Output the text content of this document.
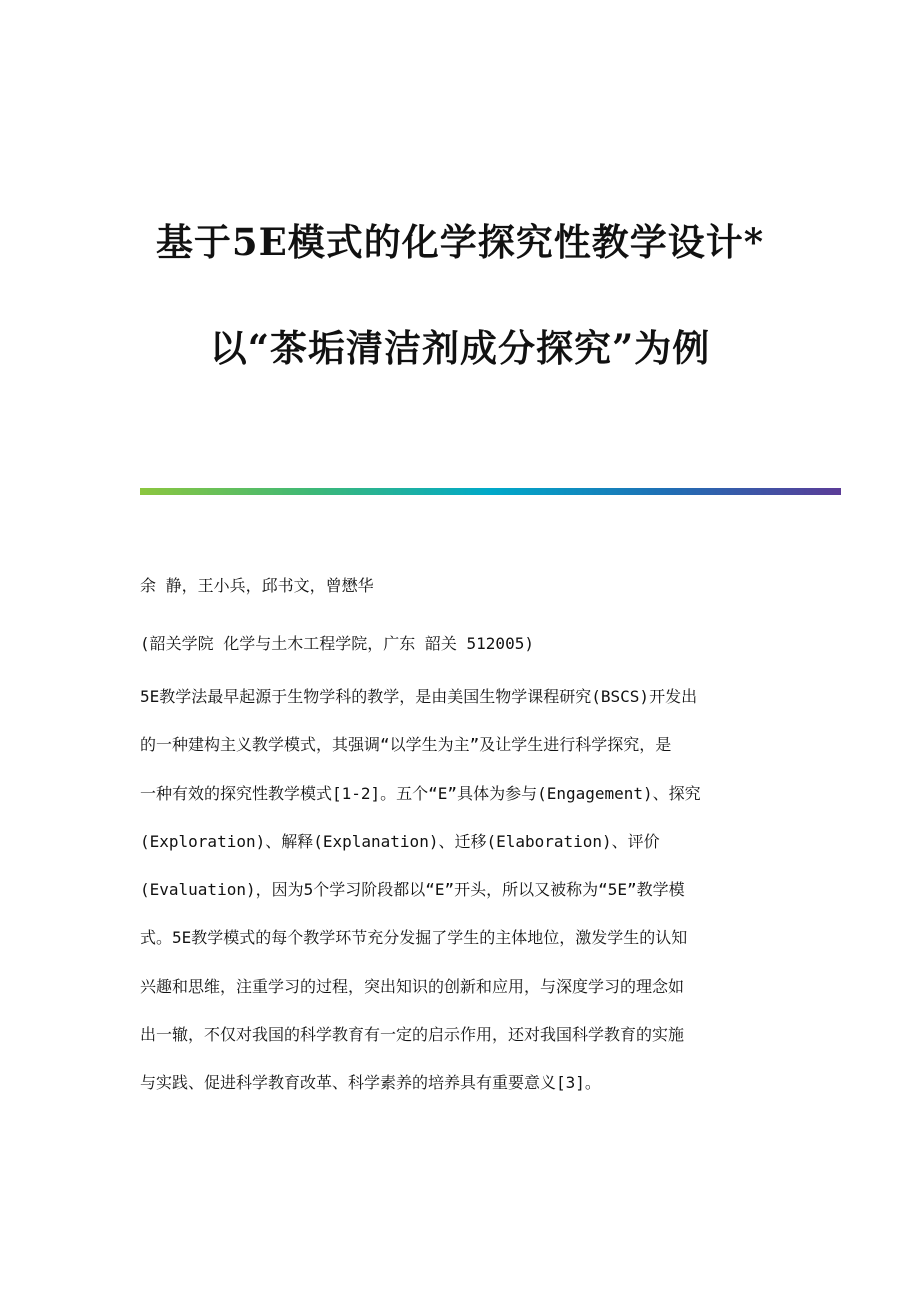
基于5E模式的化学探究性教学设计*
以“茶垢清洁剂成分探究”为例
余 静，王小兵，邱书文，曾懋华
(韶关学院 化学与土木工程学院，广东 韶关 512005)
5E教学法最早起源于生物学科的教学，是由美国生物学课程研究(BSCS)开发出
的一种建构主义教学模式，其强调“以学生为主”及让学生进行科学探究，是
一种有效的探究性教学模式[1-2]。五个“E”具体为参与(Engagement)、探究
(Exploration)、解释(Explanation)、迁移(Elaboration)、评价
(Evaluation)，因为5个学习阶段都以“E”开头，所以又被称为“5E”教学模
式。5E教学模式的每个教学环节充分发掘了学生的主体地位，激发学生的认知
兴趣和思维，注重学习的过程，突出知识的创新和应用，与深度学习的理念如
出一辙，不仅对我国的科学教育有一定的启示作用，还对我国科学教育的实施
与实践、促进科学教育改革、科学素养的培养具有重要意义[3]。
